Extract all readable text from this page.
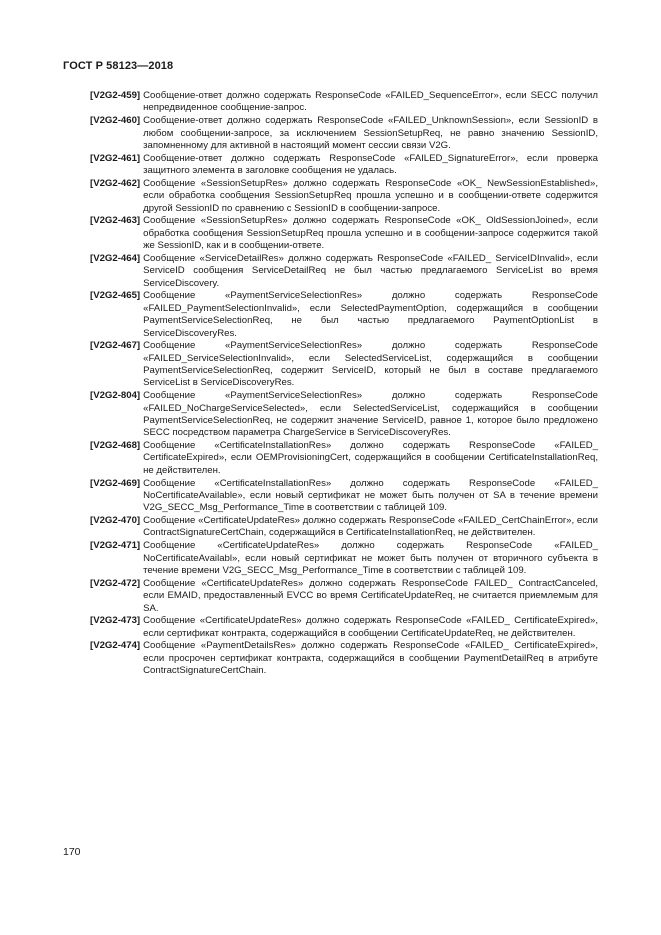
ГОСТ Р 58123—2018
[V2G2-459] Сообщение-ответ должно содержать ResponseCode «FAILED_SequenceError», если SECC получил непредвиденное сообщение-запрос.
[V2G2-460] Сообщение-ответ должно содержать ResponseCode «FAILED_UnknownSession», если SessionID в любом сообщении-запросе, за исключением SessionSetupReq, не равно значению SessionID, запомненному для активной в настоящий момент сессии связи V2G.
[V2G2-461] Сообщение-ответ должно содержать ResponseCode «FAILED_SignatureError», если проверка защитного элемента в заголовке сообщения не удалась.
[V2G2-462] Сообщение «SessionSetupRes» должно содержать ResponseCode «OK_ NewSessionEstablished», если обработка сообщения SessionSetupReq прошла успешно и в сообщении-ответе содержится другой SessionID по сравнению с SessionID в сообщении-запросе.
[V2G2-463] Сообщение «SessionSetupRes» должно содержать ResponseCode «OK_ OldSessionJoined», если обработка сообщения SessionSetupReq прошла успешно и в сообщении-запросе содержится такой же SessionID, как и в сообщении-ответе.
[V2G2-464] Сообщение «ServiceDetailRes» должно содержать ResponseCode «FAILED_ ServiceIDInvalid», если ServiceID сообщения ServiceDetailReq не был частью предлагаемого ServiceList во время ServiceDiscovery.
[V2G2-465] Сообщение «PaymentServiceSelectionRes» должно содержать ResponseCode «FAILED_PaymentSelectionInvalid», если SelectedPaymentOption, содержащийся в сообщении PaymentServiceSelectionReq, не был частью предлагаемого PaymentOptionList в ServiceDiscoveryRes.
[V2G2-467] Сообщение «PaymentServiceSelectionRes» должно содержать ResponseCode «FAILED_ServiceSelectionInvalid», если SelectedServiceList, содержащийся в сообщении PaymentServiceSelectionReq, содержит ServiceID, который не был в составе предлагаемого ServiceList в ServiceDiscoveryRes.
[V2G2-804] Сообщение «PaymentServiceSelectionRes» должно содержать ResponseCode «FAILED_NoChargeServiceSelected», если SelectedServiceList, содержащийся в сообщении PaymentServiceSelectionReq, не содержит значение ServiceID, равное 1, которое было предложено SECC посредством параметра ChargeService в ServiceDiscoveryRes.
[V2G2-468] Сообщение «CertificateInstallationRes» должно содержать ResponseCode «FAILED_ CertificateExpired», если OEMProvisioningCert, содержащийся в сообщении CertificateInstallationReq, не действителен.
[V2G2-469] Сообщение «CertificateInstallationRes» должно содержать ResponseCode «FAILED_ NoCertificateAvailable», если новый сертификат не может быть получен от SA в течение времени V2G_SECC_Msg_Performance_Time в соответствии с таблицей 109.
[V2G2-470] Сообщение «CertificateUpdateRes» должно содержать ResponseCode «FAILED_CertChainError», если ContractSignatureCertChain, содержащийся в CertificateInstallationReq, не действителен.
[V2G2-471] Сообщение «CertificateUpdateRes» должно содержать ResponseCode «FAILED_ NoCertificateAvailabl», если новый сертификат не может быть получен от вторичного субъекта в течение времени V2G_SECC_Msg_Performance_Time в соответствии с таблицей 109.
[V2G2-472] Сообщение «CertificateUpdateRes» должно содержать ResponseCode FAILED_ ContractCanceled, если EMAID, предоставленный EVCC во время CertificateUpdateReq, не считается приемлемым для SA.
[V2G2-473] Сообщение «CertificateUpdateRes» должно содержать ResponseCode «FAILED_ CertificateExpired», если сертификат контракта, содержащийся в сообщении CertificateUpdateReq, не действителен.
[V2G2-474] Сообщение «PaymentDetailsRes» должно содержать ResponseCode «FAILED_ CertificateExpired», если просрочен сертификат контракта, содержащийся в сообщении PaymentDetailReq в атрибуте ContractSignatureCertChain.
170
